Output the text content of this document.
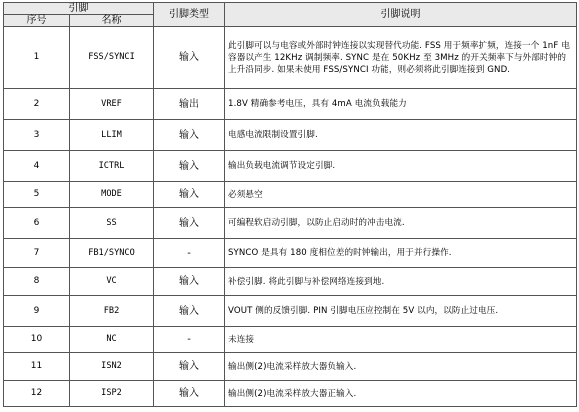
引脚		引脚类型	引脚说明
序号	名称		
1	FSS/SYNCI	输入	此引脚可以与电容或外部时钟连接以实现替代功能. FSS 用于频率扩频，连接一个 1nF 电容器以产生 12KHz 调制频率. SYNC 是在 50KHz 至 3MHz 的开关频率下与外部时钟的上升沿同步. 如果未使用 FSS/SYNCI 功能，则必须将此引脚连接到 GND.
2	VREF	输出	1.8V 精确参考电压，具有 4mA 电流负载能力
3	LLIM	输入	电感电流限制设置引脚.
4	ICTRL	输入	输出负载电流调节设定引脚.
5	MODE	输入	必须悬空
6	SS	输入	可编程软启动引脚，以防止启动时的冲击电流.
7	FB1/SYNCO	-	SYNCO 是具有 180 度相位差的时钟输出，用于并行操作.
8	VC	输入	补偿引脚. 将此引脚与补偿网络连接到地.
9	FB2	输入	VOUT 侧的反馈引脚. PIN 引脚电压应控制在 5V 以内，以防止过电压.
10	NC	-	未连接
11	ISN2	输入	输出侧(2)电流采样放大器负输入.
12	ISP2	输入	输出侧(2)电流采样放大器正输入.
